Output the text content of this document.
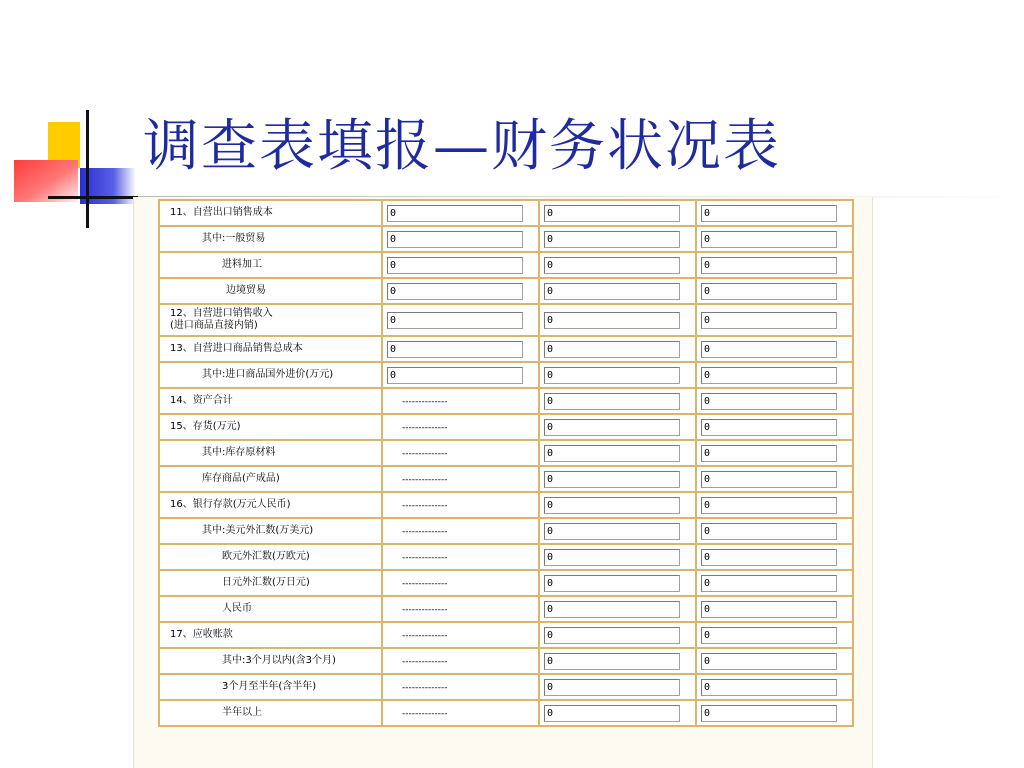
调查表填报—财务状况表
11、自营出口销售成本	0	0	0

其中:一般贸易	0	0	0

进料加工	0	0	0

边境贸易	0	0	0

12、自营进口销售收入
(进口商品直接内销)	0	0	0

13、自营进口商品销售总成本	0	0	0

其中:进口商品国外进价(万元)	0	0	0

14、资产合计	--------------	0	0

15、存货(万元)	--------------	0	0

其中:库存原材料	--------------	0	0

库存商品(产成品)	--------------	0	0

16、银行存款(万元人民币)	--------------	0	0

其中:美元外汇数(万美元)	--------------	0	0

欧元外汇数(万欧元)	--------------	0	0

日元外汇数(万日元)	--------------	0	0

人民币	--------------	0	0

17、应收账款	--------------	0	0

其中:3个月以内(含3个月)	--------------	0	0

3个月至半年(含半年)	--------------	0	0

半年以上	--------------	0	0
